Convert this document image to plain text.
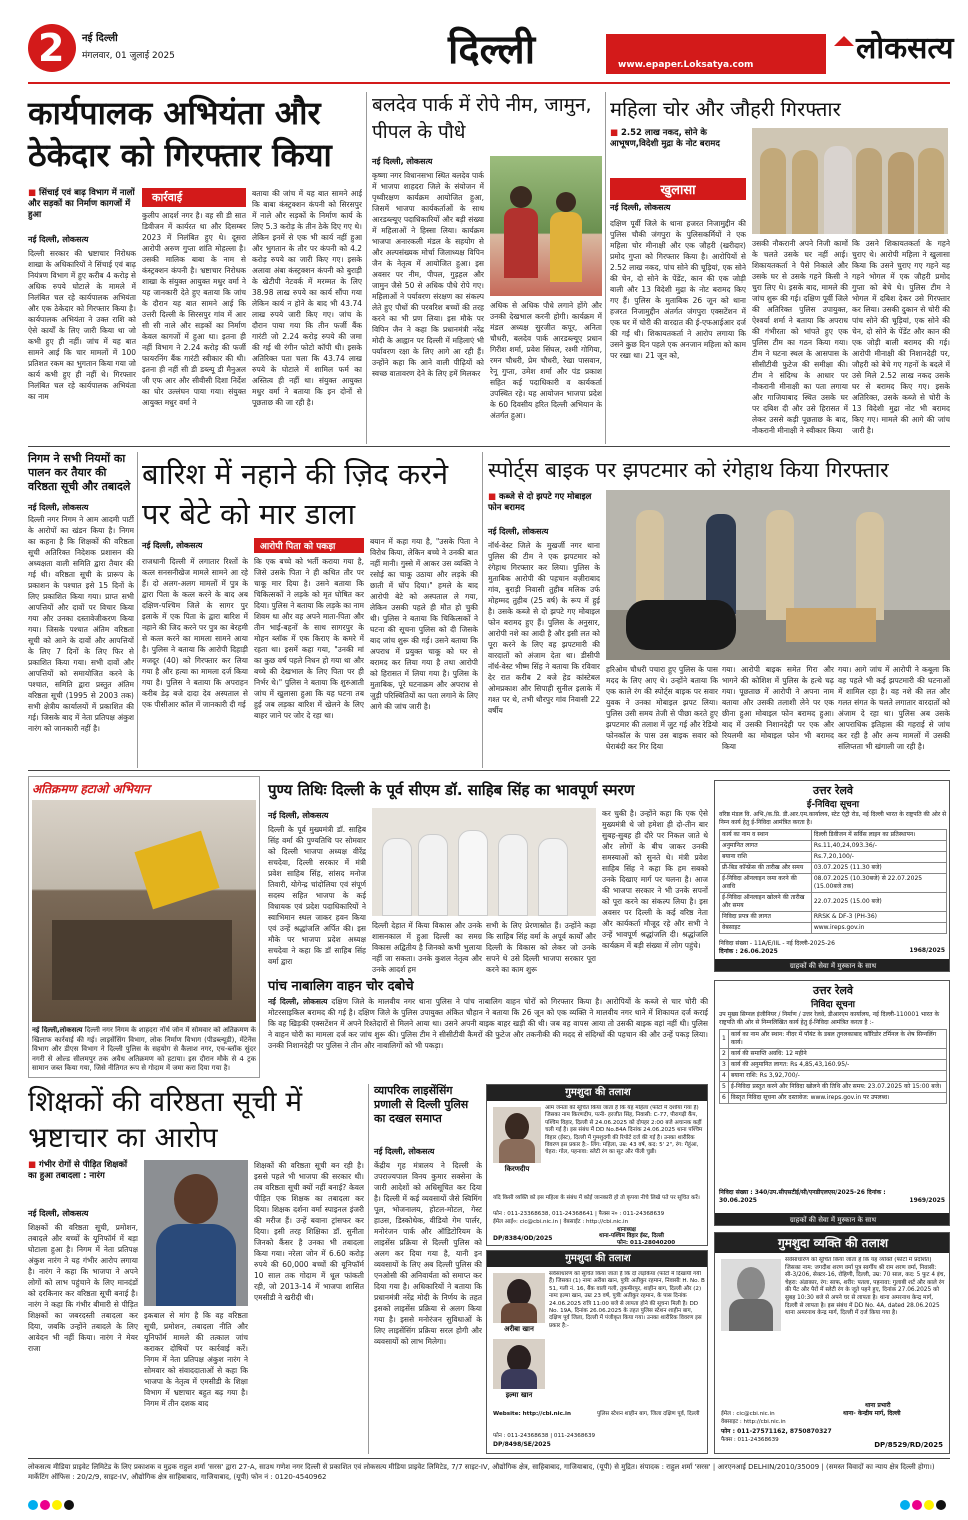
2 नई दिल्ली
मंगलवार, 01 जुलाई 2025	दिल्ली	www.epaper.Loksatya.com	लोकसत्य
कार्यपालक अभियंता और ठेकेदार को गिरफ्तार किया
■ सिंचाई एवं बाढ़ विभाग में नालों और सड़कों का निर्माण कागजों में हुआ
कार्रवाई
नई दिल्ली, लोकसत्य
दिल्ली सरकार की भ्रष्टाचार निरोधक शाखा के अधिकारियों ने सिंचाई एवं बाढ़ नियंत्रण विभाग में हुए करीब 4 करोड़ से अधिक रुपये घोटाले के मामले में निलंबित चल रहे कार्यपालक अभियंता और एक ठेकेदार को गिरफ्तार किया है। कार्यपालक अभियंता ने उक्त राशि को ऐसे कार्यों के लिए जारी किया था जो कभी हुए ही नहीं। जांच में यह बात सामने आई कि चार मामलों में 100 प्रतिशत रकम का भुगतान किया गया जो कार्य कभी हुए ही नहीं थे। गिरफ्तार निलंबित चल रहे कार्यपालक अभियंता का नाम
कुलीप आदर्श नगर है। वह सी डी सात डिवीजन में कार्यरत था और दिसम्बर 2023 में निलंबित हुए थे। दूसरा आरोपी अरुण गुप्ता शांति मोहल्ला है। उसकी मालिक बाबा के नाम से कंस्ट्रक्शन कंपनी है। भ्रष्टाचार निरोधक शाखा के संयुक्त आयुक्त मधुर वर्मा ने यह जानकारी देते हुए बताया कि जांच के दौरान यह बात सामने आई कि उत्तरी दिल्ली के सिरसपुर गांव में आर सी सी नाले और सड़कों का निर्माण केवल कागजों में हुआ था। इतना ही नहीं विभाग ने 2.24 करोड़ की फर्जी फायरनिंग बैंक गारंटी स्वीकार की थी। इतना ही नहीं सी डी डब्ल्यू डी मैनुअल जी एफ आर और सीवीसी दिशा निर्देश का घोर उल्लंघन पाया गया। संयुक्त आयुक्त मधुर वर्मा ने
बताया की जांच में यह बात सामने आई कि बाबा कंस्ट्रक्शन कंपनी को सिरसपुर में नाले और सड़कों के निर्माण कार्य के लिए 5.3 करोड़ के तीन ठेके दिए गए थे। लेकिन इनमें से एक भी कार्य नहीं हुआ और भुगतान के तौर पर कंपनी को 4.2 करोड़ रुपये का जारी किए गए। इसके अलावा अंबा कंस्ट्रक्शन कंपनी को बुराड़ी के खेटीपी नेटवर्क में मरम्मत के लिए 38.98 लाख रुपये का कार्य सौंपा गया लेकिन कार्य न होने के बाद भी 43.74 लाख रुपये जारी किए गए। जांच के दौरान पाया गया कि तीन फर्जी बैंक गारंटी जो 2.24 करोड़ रुपये की जमा की गई थी रंगीन फोटो कॉपी थी। इसके अतिरिक्त पता चला कि 43.74 लाख रुपये के घोटाले में शामिल फर्म का अस्तित्व ही नहीं था। संयुक्त आयुक्त मधुर वर्मा ने बताया कि इन दोनों से पूछताछ की जा रही है।
बलदेव पार्क में रोपे नीम, जामुन, पीपल के पौधे
नई दिल्ली, लोकसत्य
कृष्णा नगर विधानसभा स्थित बलदेव पार्क में भाजपा शाहदरा जिले के संयोजन में पृथ्वीरक्षण कार्यक्रम आयोजित हुआ, जिसमें भाजपा कार्यकर्ताओं के साथ आरडब्ल्यूए पदाधिकारियों और बड़ी संख्या में महिलाओं ने हिस्सा लिया। कार्यक्रम भाजपा अनारकली मंडल के सहयोग से और अल्पसंख्यक मोर्चा जिलाध्यक्ष विपिन जैन के नेतृत्व में आयोजित हुआ। इस अवसर पर नीम, पीपल, गुड़हल और जामुन जैसे 50 से अधिक पौधे रोपे गए। महिलाओं ने पर्यावरण संरक्षण का संकल्प लेते हुए पौधों की परवरिश बच्चों की तरह करने का भी प्रण लिया। इस मौके पर विपिन जैन ने कहा कि प्रधानमंत्री नरेंद्र मोदी के आह्वान पर दिल्ली में महिलाएं भी पर्यावरण रक्षा के लिए आगे आ रही हैं। उन्होंने कहा कि आने वाली पीढ़ियों को स्वच्छ वातावरण देने के लिए हमें मिलकर
अधिक से अधिक पौधे लगाने होंगे और उनकी देखभाल करनी होगी। कार्यक्रम में मंडल अध्यक्ष सुरजीत कपूर, अनिता चौधरी, बलदेव पार्क आरडब्ल्यूए प्रधान गिरीश शर्मा, प्रवेश सिंघल, रश्मी गोगिया, रमन चौधरी, प्रेम चौधरी, रेखा पासवान, रेनू गुप्ता, उमेश शर्मा और पंड प्रकाश सहित कई पदाधिकारी व कार्यकर्ता उपस्थित रहे। यह आयोजन भाजपा प्रदेश के 60 दिवसीय हरित दिल्ली अभियान के अंतर्गत हुआ।
महिला चोर और जौहरी गिरफ्तार
■ 2.52 लाख नकद, सोने के आभूषण,विदेशी मुद्रा के नोट बरामद
खुलासा
नई दिल्ली, लोकसत्य
दक्षिण पूर्वी जिले के थाना हजरत निजामुद्दीन की पुलिस चौकी जंगपुरा के पुलिसकर्मियों ने एक महिला चोर मीनाक्षी और एक जौहरी (खरीदार) प्रमोद गुप्ता को गिरफ्तार किया है। आरोपियों से 2.52 लाख नकद, पांच सोने की चूड़ियां, एक सोने की चेन, दो सोने के पेंडेंट, कान की एक जोड़ी बाली और 13 विदेशी मुद्रा के नोट बरामद किए गए हैं। पुलिस के मुताबिक 26 जून को थाना हजरत निजामुद्दीन अंतर्गत जंगपुरा एक्सटेंशन में एक घर में चोरी की वारदात की ई-एफआईआर दर्ज की गई थी। शिकायतकर्ता ने आरोप लगाया कि उसने कुछ दिन पहले एक अनजान महिला को काम पर रखा था। 21 जून को,
उसकी नौकरानी अपने निजी कामों के चलते उसके घर नहीं आई। शिकायतकर्ता ने पैसे निकाले और उसके घर से उसके गहने किसी ने चुरा लिए थे। इसके बाद, मामले की जांच शुरू की गई। दक्षिण पूर्वी जिले की अतिरिक्त पुलिस उपायुक्त, ऐश्वर्या शर्मा ने बताया कि अपराध की गंभीरता को भांपते हुए एक पुलिस टीम का गठन किया गया। टीम ने घटना स्थल के आसपास के सीसीटीवी फुटेज की समीक्षा की। टीम ने संदिग्ध के आधार पर नौकरानी मीनाक्षी का पता लगाया और गाजियाबाद स्थित उसके घर पर दबिश दी और उसे हिरासत में लेकर उससे कड़ी पूछताछ के बाद, नौकरानी मीनाक्षी ने स्वीकार किया
कि उसने शिकायतकर्ता के गहने चुराए थे। आरोपी महिला ने खुलासा किया कि उसने चुराए गए गहने यह गहने भोगल में एक जौहरी प्रमोद गुप्ता को बेचे थे। पुलिस टीम ने भोगल में दबिश देकर उसे गिरफ्तार कर लिया। उसकी दुकान से चोरी की पांच सोने की चूड़ियां, एक सोने की चेन, दो सोने के पेंडेंट और कान की एक जोड़ी बाली बरामद की गई। आरोपी मीनाक्षी की निशानदेही पर, जौहरी को बेचे गए गहनों के बदले में उसे मिले 2.52 लाख नकद उसके घर से बरामद किए गए। इसके अतिरिक्त, उसके कब्जे से चोरी के 13 विदेशी मुद्रा नोट भी बरामद किए गए। मामले की आगे की जांच जारी है।
निगम ने सभी नियमों का पालन कर तैयार की वरिष्ठता सूची और तबादले
नई दिल्ली, लोकसत्य
दिल्ली नगर निगम ने आम आदमी पार्टी के आरोपों का खंडन किया है। निगम का कहना है कि शिक्षकों की वरिष्ठता सूची अतिरिक्त निदेशक प्रशासन की अध्यक्षता वाली समिति द्वारा तैयार की गई थी। वरिष्ठता सूची के प्रारूप के प्रकाशन के पश्चात इसे 15 दिनों के लिए प्रकाशित किया गया। प्राप्त सभी आपत्तियों और दावों पर विचार किया गया और उनका दस्तावेजीकरण किया गया। जिसके पश्चात अंतिम वरिष्ठता सूची को आने के दावों और आपत्तियों के लिए 7 दिनों के लिए फिर से प्रकाशित किया गया। सभी दावों और आपत्तियों को समायोजित करने के पश्चात, समिति द्वारा प्रस्तुत अंतिम वरिष्ठता सूची (1995 से 2003 तक) सभी क्षेत्रीय कार्यालयों में प्रकाशित की गई। जिसके बाद में नेता प्रतिपक्ष अंकुश नारंग को जानकारी नहीं है।
बारिश में नहाने की ज़िद करने पर बेटे को मार डाला
नई दिल्ली, लोकसत्य	आरोपी पिता को पकड़ा
राजधानी दिल्ली में लगातार रिश्तों के कत्ल सनसनीखेज मामले सामने आ रहे हैं। दो अलग-अलग मामलों में पुत्र के द्वारा पिता के कत्ल करने के बाद अब दक्षिण-पश्चिम जिले के सागर पुर इलाके में एक पिता के द्वारा बारिश में नहाने की जिद करने पर पुत्र का बेरहमी से कत्ल करने का मामला सामने आया है। पुलिस ने बताया कि आरोपी दिहाड़ी मजदूर (40) को गिरफ्तार कर लिया गया है और हत्या का मामला दर्ज किया गया है। पुलिस ने बताया कि अपराहन करीब डेढ़ बजे दादा देव अस्पताल से एक पीसीआर कॉल में जानकारी दी गई
कि एक बच्चे को भर्ती कराया गया है, जिसे उसके पिता ने ही कथित तौर पर चाकू मार दिया है। उसने बताया कि चिकित्सकों ने लड़के को मृत घोषित कर दिया। पुलिस ने बताया कि लड़के का नाम शिवम था और वह अपने माता-पिता और तीन भाई-बहनों के साथ सागरपुर के मोहन ब्लॉक में एक किराए के कमरे में रहता था। इसमें कहा गया, "उनकी मां का कुछ वर्ष पहले निधन हो गया था और बच्चे की देखभाल के लिए पिता पर ही निर्भर थे।" पुलिस ने बताया कि शुरुआती जांच में खुलासा हुआ कि यह घटना तब हुई जब लड़का बारिश में खेलने के लिए बाहर जाने पर जोर दे रहा था।
बयान में कहा गया है, "उसके पिता ने विरोध किया, लेकिन बच्चे ने उनकी बात नहीं मानी। गुस्से में आकर उस व्यक्ति ने रसोई का चाकू उठाया और लड़के की छाती में घोंप दिया।" हमले के बाद आरोपी बेटे को अस्पताल ले गया, लेकिन उसकी पहले ही मौत हो चुकी थी। पुलिस ने बताया कि चिकित्सकों ने घटना की सूचना पुलिस को दी जिसके बाद जांच शुरू की गई। उसने बताया कि अपराध में प्रयुक्त चाकू को घर से बरामद कर लिया गया है तथा आरोपी को हिरासत में लिया गया है। पुलिस के मुताबिक, पूरे घटनाक्रम और अपराध से जुड़ी परिस्थितियों का पता लगाने के लिए आगे की जांच जारी है।
स्पोर्ट्स बाइक पर झपटमार को रंगेहाथ किया गिरफ्तार
■ कब्जे से दो झपटे गए मोबाइल फोन बरामद
नई दिल्ली, लोकसत्य
नॉर्थ-वेस्ट जिले के मुखर्जी नगर थाना पुलिस की टीम ने एक झपटमार को रंगेहाथ गिरफ्तार कर लिया। पुलिस के मुताबिक आरोपी की पहचान वज़ीराबाद गांव, बुराड़ी निवासी तुहीब मलिक उर्फ मोहम्मद तुहीब (25 वर्ष) के रूप में हुई है। उसके कब्जे से दो झपटे गए मोबाइल फोन बरामद हुए हैं। पुलिस के अनुसार, आरोपी नशे का आदी है और इसी लत को पूरा करने के लिए वह झपटमारी की वारदातों को अंजाम देता था। डीसीपी नॉर्थ-वेस्ट भीष्म सिंह ने बताया कि रविवार देर रात करीब 2 बजे हेड कांस्टेबल ओमप्रकाश और सिपाही सुनील इलाके में गश्त पर थे, तभी थौरपुर गांव निवासी 22 वर्षीय
हरिओम चौधरी पचारा हुए पुलिस के पास मदद के लिए आए थे। उन्होंने बताया कि एक काले रंग की स्पोर्ट्स बाइक पर सवार युवक ने उनका मोबाइल झपट लिया। पुलिस उसी समय तेजी से पीछा करते हुए झपटमार की तलाश में जुट गई और रेडियो फोनकॉल के पास उस बाइक सवार को घेराबंदी कर गिर दिया
गया। आरोपी बाइक समेत गिरा और भागने की कोशिश में पुलिस के हत्थे चढ़ गया। पूछताछ में आरोपी ने अपना नाम बताया और उसकी तलाशी लेने पर एक छीना हुआ मोबाइल फोन बरामद हुआ। बाद में उसकी निशानदेही पर एक और रियलमी का मोबाइल फोन भी बरामद किया
गया। आगे जांच में आरोपी ने कबूला कि वह पहले भी कई झपटमारी की घटनाओं में शामिल रहा है। वह नशे की लत और गलत संगत के चलते लगातार वारदातों को अंजाम दे रहा था। पुलिस अब उसके आपराधिक इतिहास की गहराई से जांच कर रही है और अन्य मामलों में उसकी संलिप्तता भी खंगाली जा रही है।
अतिक्रमण हटाओ अभियान
नई दिल्ली,लोकसत्य दिल्ली नगर निगम के शाहदरा नॉर्थ जोन में सोमवार को अतिक्रमण के खिलाफ कार्रवाई की गई। लाइसेंसिंग विभाग, लोक निर्माण विभाग (पीडब्ल्यूडी), मेंटेनेंस विभाग और डीएस विभाग ने दिल्ली पुलिस के सहयोग से कैलाश नगर, एच-ब्लॉक सुंदर नगरी से ओल्ड सीलमपुर तक अवैध अतिक्रमण को हटाया। इस दौरान मौके से 4 ट्रक सामान जब्त किया गया, जिसे नीतिगत रूप से गोदाम में जमा करा दिया गया है।
पुण्य तिथिः दिल्ली के पूर्व सीएम डॉ. साहिब सिंह का भावपूर्ण स्मरण
नई दिल्ली, लोकसत्य
दिल्ली के पूर्व मुख्यमंत्री डॉ. साहिब सिंह वर्मा की पुण्यतिथि पर सोमवार को दिल्ली भाजपा अध्यक्ष वीरेंद्र सचदेवा, दिल्ली सरकार में मंत्री प्रवेश साहिब सिंह, सांसद मनोज तिवारी, योगेन्द्र चांदोलिया एवं संपूर्ण सदस्य सहित भाजपा के कई विधायक एवं प्रदेश पदाधिकारियों ने स्वाभिमान स्थल जाकर हवन किया एवं उन्हें श्रद्धांजलि अर्पित की। इस मौके पर भाजपा प्रदेश अध्यक्ष सचदेवा ने कहा कि डॉ साहिब सिंह वर्मा द्वारा
दिल्ली देहात में किया विकास और उनके शासनकाल में हुआ दिल्ली का समग्र विकास अद्वितीय है जिनको कभी भुलाया नहीं जा सकता। उनके कुशल नेतृत्व और उनके आदर्श हम
सभी के लिए प्रेरणास्रोत हैं। उन्होंने कहा कि साहिब सिंह वर्मा के अपूर्व कार्यों और दिल्ली के विकास को लेकर जो उनके सपने थे उसे दिल्ली भाजपा सरकार पूरा करने का काम शुरू
कर चुकी है। उन्होंने कहा कि एक ऐसे मुख्यमंत्री थे जो हमेशा ही दो-तीन बार सुबह-सुबह ही दौरे पर निकल जाते थे और लोगों के बीच जाकर उनकी समस्याओं को सुनते थे। मंत्री प्रवेश साहिब सिंह ने कहा कि हम सबको उनके दिखाए मार्ग पर चलना है। आज की भाजपा सरकार ने भी उनके सपनों को पूरा करने का संकल्प लिया है। इस अवसर पर दिल्ली के कई वरिष्ठ नेता और कार्यकर्ता मौजूद रहे और सभी ने उन्हें भावपूर्ण श्रद्धांजलि दी। श्रद्धांजलि कार्यक्रम में बड़ी संख्या में लोग पहुंचे।
पांच नाबालिग वाहन चोर दबोचे
नई दिल्ली, लोकसत्य दक्षिण जिले के मालवीय नगर थाना पुलिस ने पांच नाबालिग वाहन चोरों को गिरफ्तार किया है। आरोपियों के कब्जे से चार चोरी की मोटरसाइकिल बरामद की गई है। दक्षिण जिले के पुलिस उपायुक्त अंकित चौहान ने बताया कि 26 जून को एक व्यक्ति ने मालवीय नगर थाने में शिकायत दर्ज कराई कि वह खिड़की एक्सटेंशन में अपने रिश्तेदारों से मिलने आया था। उसने अपनी बाइक बाहर खड़ी की थी। जब वह वापस आया तो उसकी बाइक वहां नहीं थी। पुलिस ने वाहन चोरी का मामला दर्ज कर जांच शुरू की। पुलिस टीम ने सीसीटीवी कैमरों की फुटेज और तकनीकी की मदद से संदिग्धों की पहचान की और उन्हें पकड़ लिया। उनकी निशानदेही पर पुलिस ने तीन और नाबालिगों को भी पकड़ा।
उत्तर रेलवे
ई-निविदा सूचना
वरिष्ठ मंडल वि. अभि./क.प्रि. डी.आर.एम.कार्यालय, स्टेट एंट्री रोड, नई दिल्ली भारत के राष्ट्रपति की ओर से निम्न कार्य हेतु ई-निविदा आमंत्रित करता है।
कार्य का नाम व स्थान	दिल्ली डिवीजन में सर्विस लाइन का प्रतिस्थापन।
अनुमानित लागत	Rs.11,40,24,093.36/-
बयाना राशि	Rs.7,20,100/-
प्री-बिड कॉन्फ्रेंस की तारीख और समय	03.07.2025 (11.30 बजे)
ई-निविदा ऑनलाइन जमा करने की अवधि	08.07.2025 (10.30बजे) से 22.07.2025 (15.00बजे तक)
ई-निविदा ऑनलाइन खोलने की तारीख और समय	22.07.2025 (15.00 बजे)
निविदा प्रपत्र की लागत	RRSK & DF-3 (PH-36)
वेबसाइट	www.ireps.gov.in
निविदा संख्या - 11A/E/IIL - नई दिल्ली-2025-26
दिनांक : 26.06.2025	1968/2025
ग्राहकों की सेवा में मुस्कान के साथ
उत्तर रेलवे
निविदा सूचना
उप मुख्य सिग्नल इंजीनियर / निर्माण / उत्तर रेलवे, डीआरएम कार्यालय, नई दिल्ली-110001 भारत के राष्ट्रपति की ओर से निम्नलिखित कार्य हेतु ई-निविदा आमंत्रित करता है :-
1	कार्य का नाम और स्थान: नीदर में पॉयंट के डबल तुगलकाबाद कॉरिडोर टर्मिनल के शेष सिग्नलिंग कार्य।
2	कार्य की समाप्ति अवधि: 12 महीने
3	कार्य की अनुमानित लागत: Rs 4,85,43,160.95/-
4	बयाना राशि: Rs 3,92,700/-
5	ई-निविदा प्रस्तुत करने और निविदा खोलने की तिथि और समय: 23.07.2025 को 15:00 बजे।
6	विस्तृत निविदा सूचना और दस्तावेज: www.ireps.gov.in पर उपलब्ध।
निविदा संख्या : 340/उप.सीएसटीई/सी/एनडीएलएस/2025-26 दिनांक : 30.06.2025	1969/2025
ग्राहकों की सेवा में मुस्कान के साथ
गुमशुदा की तलाश
किरणदीप
आम जनता को सूचित किया जाता है कि यह महिला (फोटो में दर्शाया गया है) जिसका नाम किरणदीप, पत्नी- हरजीत सिंह, निवासी: C-77, पीरागढ़ी कैंप, पश्चिम विहार, दिल्ली से 24.06.2025 को दोपहर 2:00 बजे अचानक कहीं चली गई है। इस संबंध में DD No.84A दिनांक 24.06.2025 थाना पश्चिम विहार (ईस्ट), दिल्ली में गुमशुदगी की रिपोर्ट दर्ज की गई है। उनका शारीरिक विवरण इस प्रकार है:- लिंग: महिला, उम्र: 43 वर्ष, कद: 5' 2", रंग: गेहूंआ, चेहरा: गोल, पहनावा: स्लेटी रंग का सूट और पीली चुन्नी।
यदि किसी व्यक्ति को इस महिला के संबंध में कोई जानकारी हो तो कृपया नीचे लिखे पते पर सूचित करें।
फोन : 011-23368638, 011-24368641 | फैक्स न० : 011-24368639
ईमेल आई०: cic@cbi.nic.in | वेबसाईट : http://cbi.nic.in
DP/8384/OD/2025
थानाध्यक्ष
थाना-पश्चिम विहार ईस्ट, दिल्ली
फोन: 011-28040200
शिक्षकों की वरिष्ठता सूची में भ्रष्टाचार का आरोप
■ गंभीर रोगों से पीड़ित शिक्षकों का हुआ तबादला : नारंग
नई दिल्ली, लोकसत्य
शिक्षकों की वरिष्ठता सूची, प्रमोशन, तबादले और बच्चों के यूनिफॉर्म में बड़ा घोटाला हुआ है। निगम में नेता प्रतिपक्ष अंकुश नारंग ने यह गंभीर आरोप लगाया है। नारंग ने कहा कि भाजपा ने अपने लोगों को लाभ पहुंचाने के लिए मानदंडों को दरकिनार कर वरिष्ठता सूची बनाई है। नारंग ने कहा कि गंभीर बीमारी से पीड़ित शिक्षकों का जबरदस्ती तबादला कर दिया, जबकि उन्होंने तबादले के लिए आवेदन भी नहीं किया। नारंग ने मेयर राजा
इकबाल से मांग है कि वह वरिष्ठता सूची, प्रमोशन, तबादला नीति और यूनिफॉर्म मामले की तत्काल जांच कराकर दोषियों पर कार्रवाई करें। निगम में नेता प्रतिपक्ष अंकुश नारंग ने सोमवार को संवाददाताओं से कहा कि भाजपा के नेतृत्व में एमसीडी के शिक्षा विभाग में भ्रष्टाचार बहुत बढ़ गया है। निगम में तीन दशक बाद
शिक्षकों की वरिष्ठता सूची बन रही है। इससे पहले भी भाजपा की सरकार थी। तब वरिष्ठता सूची क्यों नहीं बनाई? केवल पीड़ित एक शिक्षक का तबादला कर दिया। शिक्षक दर्शना वर्मा स्पाइनल इंजरी की मरीज हैं। उन्हें बवाना ट्रांसफर कर दिया। इसी तरह शिक्षिका डॉ. सुनीता जिनको कैंसर है उनका भी तबादला किया गया। नरेला जोन में 6.60 करोड़ रुपये की 60,000 बच्चों की यूनिफॉर्म 10 साल तक गोदाम में धूल फांकती रही, जो 2013-14 में भाजपा शासित एमसीडी ने खरीदी थी।
व्यापरिक लाइसेंसिंग प्रणाली से दिल्ली पुलिस का दखल समाप्त
नई दिल्ली, लोकसत्य
केंद्रीय गृह मंत्रालय ने दिल्ली के उपराज्यपाल विनय कुमार सक्सेना के जारी आदेशों को अधिसूचित कर दिया है। दिल्ली में कई व्यवसायों जैसे स्विमिंग पूल, भोजनालय, होटल-मोटल, गेस्ट हाउस, डिस्कोथेक, वीडियो गेम पार्लर, मनोरंजन पार्क और ऑडिटोरियम के लाइसेंस प्रक्रिया से दिल्ली पुलिस को अलग कर दिया गया है, यानी इन व्यवसायों के लिए अब दिल्ली पुलिस की एनओसी की अनिवार्यता को समाप्त कर दिया गया है। अधिकारियों ने बताया कि प्रधानमंत्री नरेंद्र मोदी के निर्णय के तहत इसको लाइसेंस प्रक्रिया से अलग किया गया है। इससे मनोरंजन सुविधाओं के लिए लाइसेंसिंग प्रक्रिया सरल होगी और व्यवसायों को लाभ मिलेगा।
गुमशुदा की तलाश
अरीबा खान
इल्मा खान
सर्वसाधारण को सूचित किया जाता है कि दो लड़कियां (फोटो में दिखायी गयी हैं) जिसका (1) नामः अरीबा खान, पुत्रीः अतीकुर रहमान, निवासीः H. No. B 51, गली नं. 16, बैंक वाली गली, तुकमीरपुर, शाहीन बाग, दिल्ली और (2) नामः इल्मा खान, उम्रः 23 वर्ष, पुत्रीः अतीकुर रहमान, के पास दिनांक 24.06.2025 रात्रि 11:00 बजे से लापता होने की सूचना मिली है। DD No. 19A, दिनांक 26.06.2025 के तहत पुलिस स्टेशन शाहीन बाग, दक्षिण पूर्व जिला, दिल्ली में पंजीकृत किया गया। उनका शारीरिक विवरण इस प्रकार है:-
Website: http://cbi.nic.in	पुलिस स्टेशन शाहीन बाग, जिला दक्षिण पूर्व, दिल्ली
फोन : 011-24368638 | 011-24368639
DP/8498/SE/2025
गुमशुदा व्यक्ति की तलाश
सर्वसाधारण को सूचित किया जाता है कि यह व्यक्ति (फोटो में प्रदर्शित) जिसका नाम: जगदीश शरण वर्मा पुत्र स्वर्गीय श्री राम शरण वर्मा, निवासी: सी-3/206, सेक्टर-16, रोहिणी, दिल्ली, उम्र: 70 साल, कद: 5 फुट 4 इंच, चेहरा: अंडाकार, रंग: साफ, शरीर: पतला, पहनावा: गुलाबी शर्ट और काले रंग की पैंट और पैरों में स्लेटी रंग के जूते पहने हुए, दिनांक 27.06.2025 को सुबह 10:30 बजे से अपने घर से लापता है। थाना अमरनाथ केन्द्र मार्ग, दिल्ली से लापता है। इस संबंध में DD No. 4A, dated 28.06.2025 थाना अमरनाथ केन्द्र मार्ग, दिल्ली में दर्ज किया गया है।
थाना प्रभारी
थाना- केन्द्रीय मार्ग, दिल्ली
ईमेल : cic@cbi.nic.in
वेबसाइट : http://cbi.nic.in
फोन : 011-27571162, 8750870327
फैक्स : 011-24368639
DP/8529/RD/2025
लोकसत्य मीडिया प्राइवेट लिमिटेड के लिए प्रकाशक व मुद्रक राहुल शर्मा 'सरस' द्वारा 27-A, साउथ गणेश नगर दिल्ली से प्रकाशित एवं लोकसत्य मीडिया प्राइवेट लिमिटेड, 7/7 साइट-IV, औद्योगिक क्षेत्र, साहिबाबाद, गाजियाबाद, (यूपी) से मुद्रित। संपादक : राहुल शर्मा 'सरस' | आरएनआई DELHIN/2010/35009 | (समस्त विवादों का न्याय क्षेत्र दिल्ली होगा।) मार्केटिंग ऑफिस : 20/2/9, साइट-IV, औद्योगिक क्षेत्र साहिबाबाद, गाजियाबाद, (यूपी) फोन नं : 0120-4540962
